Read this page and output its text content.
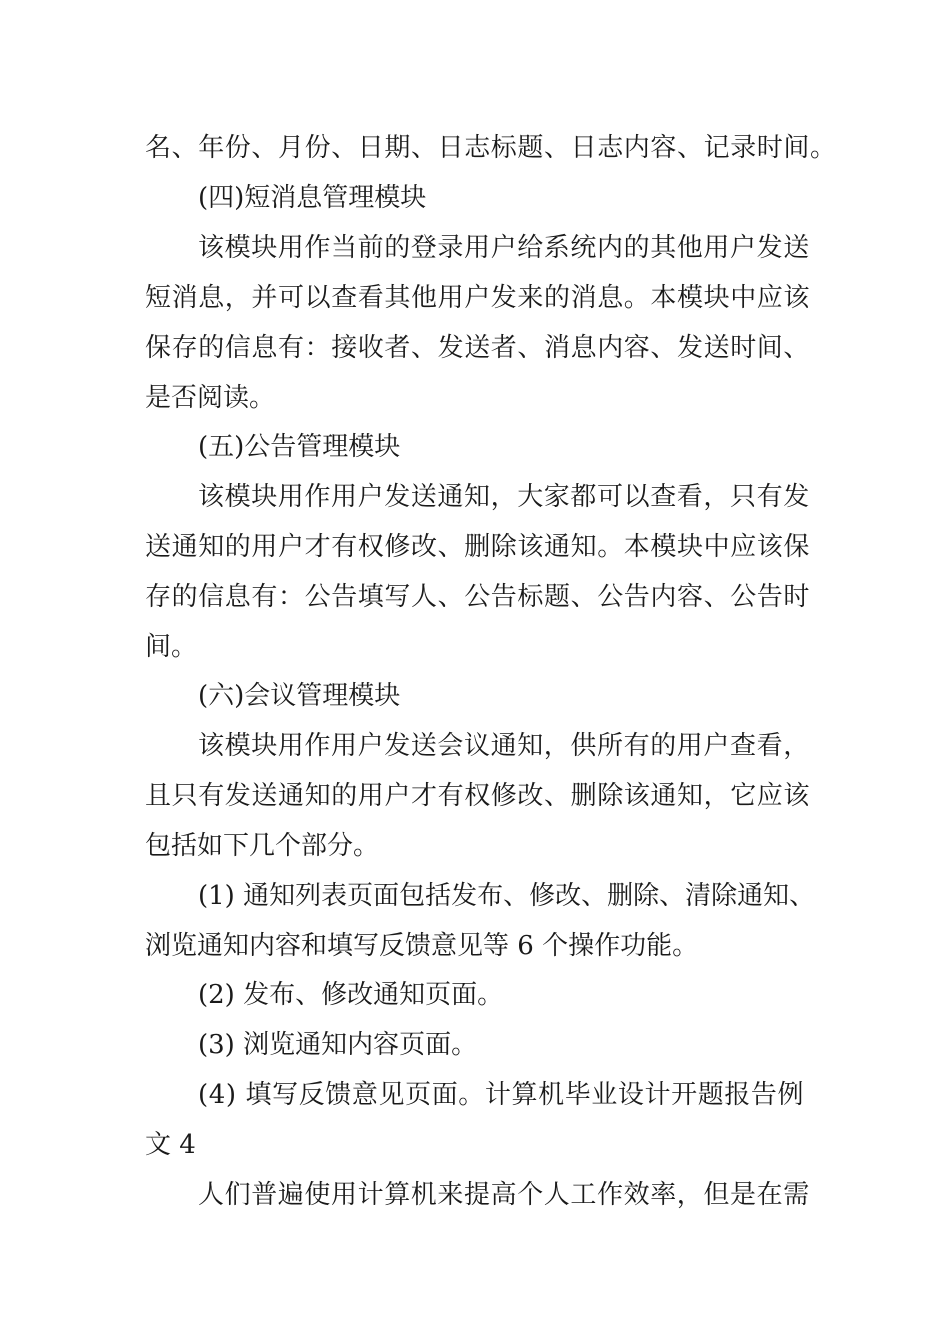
名、年份、月份、日期、日志标题、日志内容、记录时间。
(四)短消息管理模块
该模块用作当前的登录用户给系统内的其他用户发送
短消息，并可以查看其他用户发来的消息。本模块中应该
保存的信息有：接收者、发送者、消息内容、发送时间、
是否阅读。
(五)公告管理模块
该模块用作用户发送通知，大家都可以查看，只有发
送通知的用户才有权修改、删除该通知。本模块中应该保
存的信息有：公告填写人、公告标题、公告内容、公告时
间。
(六)会议管理模块
该模块用作用户发送会议通知，供所有的用户查看，
且只有发送通知的用户才有权修改、删除该通知，它应该
包括如下几个部分。
(1) 通知列表页面包括发布、修改、删除、清除通知、
浏览通知内容和填写反馈意见等 6 个操作功能。
(2) 发布、修改通知页面。
(3) 浏览通知内容页面。
(4) 填写反馈意见页面。计算机毕业设计开题报告例
文 4
人们普遍使用计算机来提高个人工作效率，但是在需
